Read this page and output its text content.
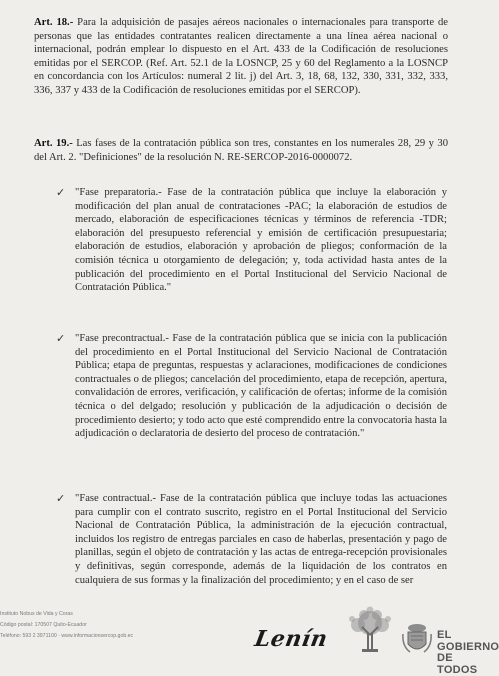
Art. 18.- Para la adquisición de pasajes aéreos nacionales o internacionales para transporte de personas que las entidades contratantes realicen directamente a una línea aérea nacional o internacional, podrán emplear lo dispuesto en el Art. 433 de la Codificación de resoluciones emitidas por el SERCOP. (Ref. Art. 52.1 de la LOSNCP, 25 y 60 del Reglamento a la LOSNCP en concordancia con los Artículos: numeral 2 lit. j) del Art. 3, 18, 68, 132, 330, 331, 332, 333, 336, 337 y 433 de la Codificación de resoluciones emitidas por el SERCOP).
Art. 19.- Las fases de la contratación pública son tres, constantes en los numerales 28, 29 y 30 del Art. 2. "Definiciones" de la resolución N. RE-SERCOP-2016-0000072.
✓ "Fase preparatoria.- Fase de la contratación pública que incluye la elaboración y modificación del plan anual de contrataciones -PAC; la elaboración de estudios de mercado, elaboración de especificaciones técnicas y términos de referencia -TDR; elaboración del presupuesto referencial y emisión de certificación presupuestaria; elaboración de estudios, elaboración y aprobación de pliegos; conformación de la comisión técnica u otorgamiento de delegación; y, toda actividad hasta antes de la publicación del procedimiento en el Portal Institucional del Servicio Nacional de Contratación Pública."
✓ "Fase precontractual.- Fase de la contratación pública que se inicia con la publicación del procedimiento en el Portal Institucional del Servicio Nacional de Contratación Pública; etapa de preguntas, respuestas y aclaraciones, modificaciones de condiciones contractuales o de pliegos; cancelación del procedimiento, etapa de recepción, apertura, convalidación de errores, verificación, y calificación de ofertas; informe de la comisión técnica o del delgado; resolución y publicación de la adjudicación o decisión de procedimiento desierto; y todo acto que esté comprendido entre la convocatoria hasta la adjudicación o declaratoria de desierto del proceso de contratación."
✓ "Fase contractual.- Fase de la contratación pública que incluye todas las actuaciones para cumplir con el contrato suscrito, registro en el Portal Institucional del Servicio Nacional de Contratación Pública, la administración de la ejecución contractual, incluidos los registro de entregas parciales en caso de haberlas, presentación y pago de planillas, según el objeto de contratación y las actas de entrega-recepción provisionales y definitivas, según corresponde, además de la liquidación de los contratos en cualquiera de sus formas y la finalización del procedimiento; y en el caso de ser
Instituto Nobus de Vida y Coras
Código postal: 170507 Quito-Ecuador
Teléfono: 593 2 3971100 · www.informacionsercop.gob.ec	Lenín	EL
GOBIERNO
DE TODOS
